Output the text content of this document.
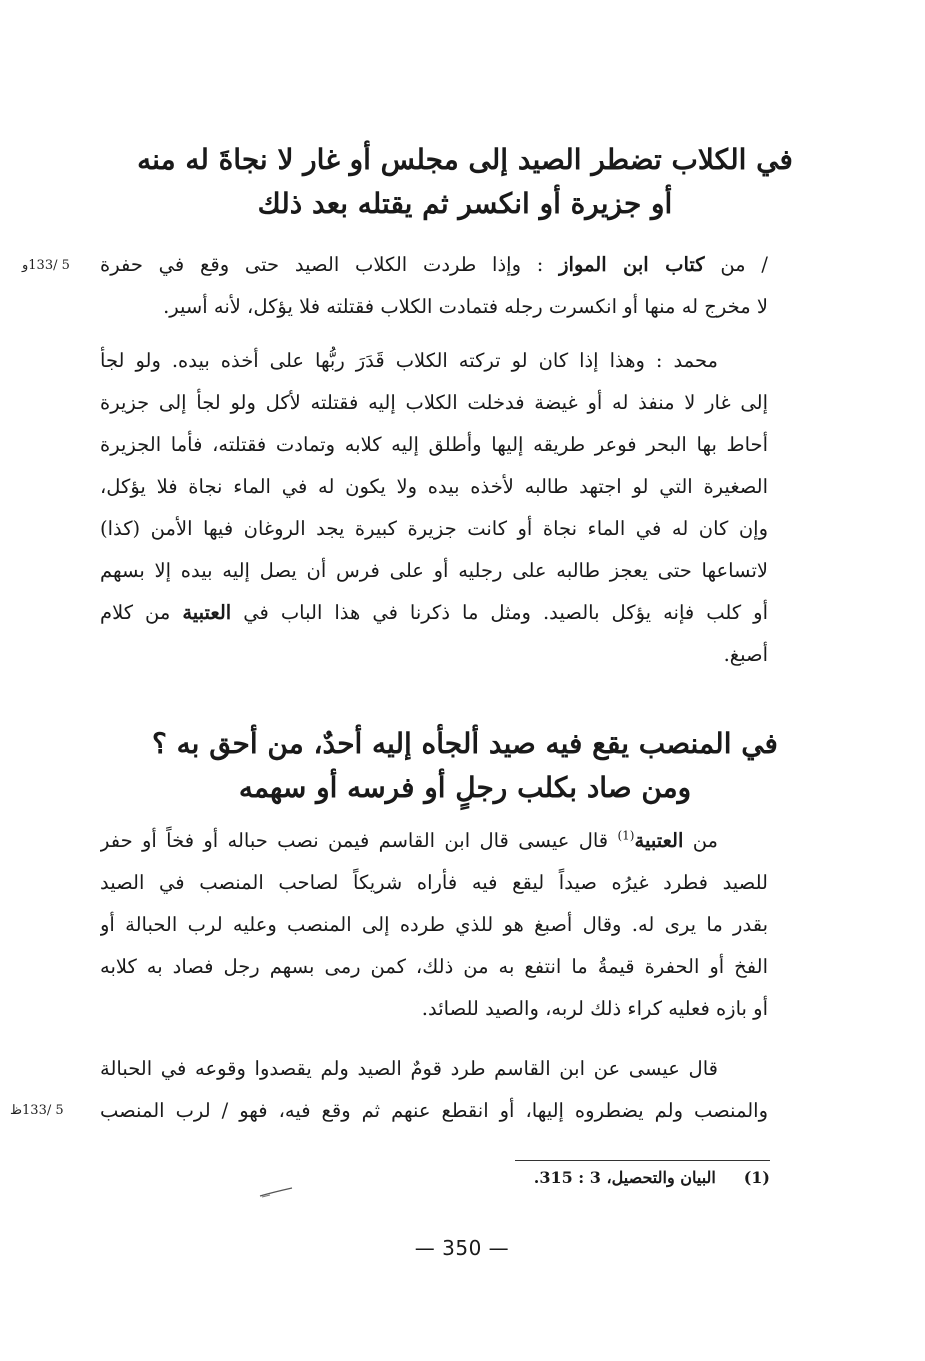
في الكلاب تضطر الصيد إلى مجلس أو غار لا نجاةَ له منه
أو جزيرة أو انكسر ثم يقتله بعد ذلك
5 /133و	/ من كتاب ابن المواز : وإذا طردت الكلاب الصيد حتى وقع في حفرة
لا مخرج له منها أو انكسرت رجله فتمادت الكلاب فقتلته فلا يؤكل، لأنه أسير.
محمد : وهذا إذا كان لو تركته الكلاب قَدَرَ ربُّها على أخذه بيده. ولو لجأ
إلى غار لا منفذ له أو غيضة فدخلت الكلاب إليه فقتلته لأكل ولو لجأ إلى جزيرة
أحاط بها البحر فوعر طريقه إليها وأطلق إليه كلابه وتمادت فقتلته، فأما الجزيرة
الصغيرة التي لو اجتهد طالبه لأخذه بيده ولا يكون له في الماء نجاة فلا يؤكل،
وإن كان له في الماء نجاة أو كانت جزيرة كبيرة يجد الروغان فيها الأمن (كذا)
لاتساعها حتى يعجز طالبه على رجليه أو على فرس أن يصل إليه بيده إلا بسهم
أو كلب فإنه يؤكل بالصيد. ومثل ما ذكرنا في هذا الباب في العتبية من كلام
أصبغ.
في المنصب يقع فيه صيد ألجأه إليه أحدٌ، من أحق به ؟
ومن صاد بكلب رجلٍ أو فرسه أو سهمه
من العتبية$^{(1)}$ قال عيسى قال ابن القاسم فيمن نصب حباله أو فخاً أو حفر
للصيد فطرد غيرُه صيداً ليقع فيه فأراه شريكاً لصاحب المنصب في الصيد
بقدر ما يرى له. وقال أصبغ هو للذي طرده إلى المنصب وعليه لرب الحبالة أو
الفخ أو الحفرة قيمةُ ما انتفع به من ذلك، كمن رمى بسهم رجل فصاد به كلابه
أو بازه فعليه كراء ذلك لربه، والصيد للصائد.
قال عيسى عن ابن القاسم طرد قومٌ الصيد ولم يقصدوا وقوعه في الحبالة
والمنصب ولم يضطروه إليها، أو انقطع عنهم ثم وقع فيه، فهو / لرب المنصب
5 /133ظ
(1)     البيان والتحصيل، 3 : 315.
— 350 —
